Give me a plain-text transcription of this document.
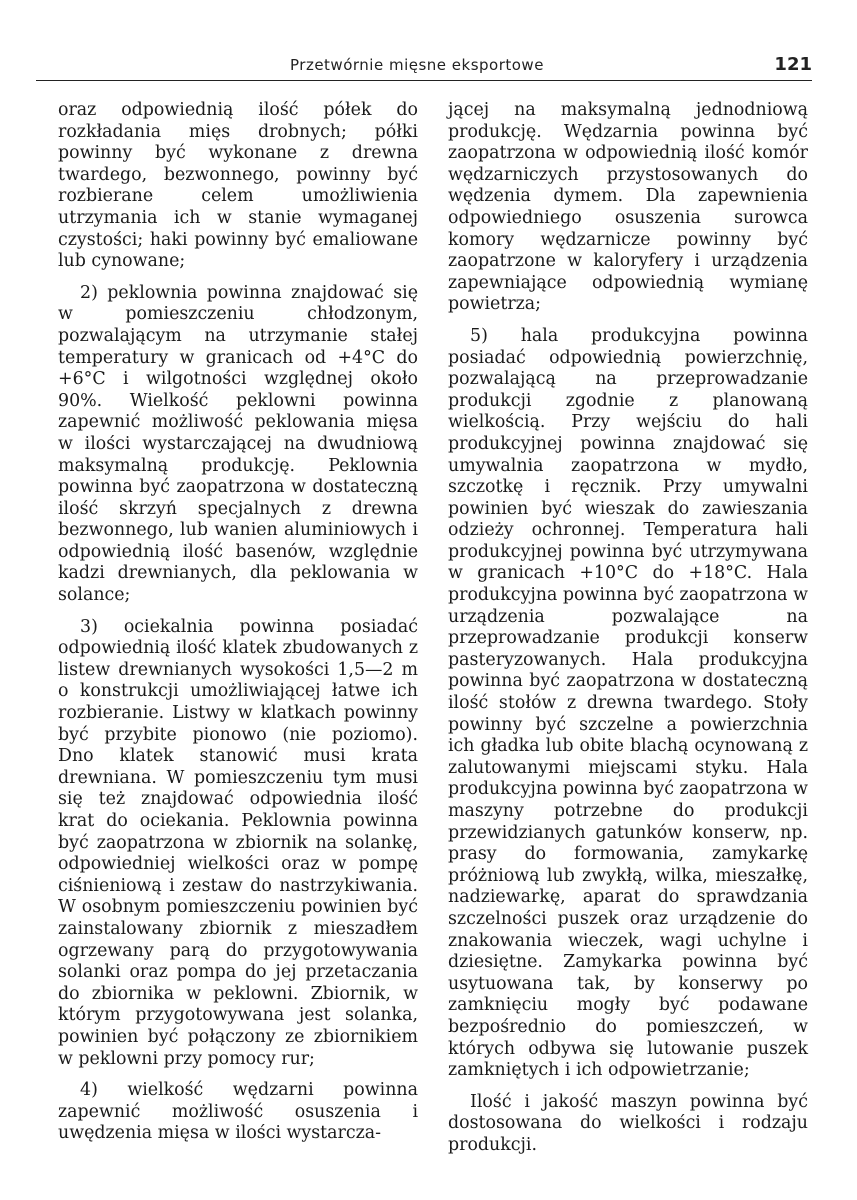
Przetwórnie mięsne eksportowe	121

oraz odpowiednią ilość półek do rozkładania mięs drobnych; półki powinny być wykonane z drewna twardego, bezwonnego, powinny być rozbierane celem umożliwienia utrzymania ich w stanie wymaganej czystości; haki powinny być emaliowane lub cynowane;

2) peklownia powinna znajdować się w pomieszczeniu chłodzonym, pozwalającym na utrzymanie stałej temperatury w granicach od +4°C do +6°C i wilgotności względnej około 90%. Wielkość peklowni powinna zapewnić możliwość peklowania mięsa w ilości wystarczającej na dwudniową maksymalną produkcję. Peklownia powinna być zaopatrzona w dostateczną ilość skrzyń specjalnych z drewna bezwonnego, lub wanien aluminiowych i odpowiednią ilość basenów, względnie kadzi drewnianych, dla peklowania w solance;

3) ociekalnia powinna posiadać odpowiednią ilość klatek zbudowanych z listew drewnianych wysokości 1,5—2 m o konstrukcji umożliwiającej łatwe ich rozbieranie. Listwy w klatkach powinny być przybite pionowo (nie poziomo). Dno klatek stanowić musi krata drewniana. W pomieszczeniu tym musi się też znajdować odpowiednia ilość krat do ociekania. Peklownia powinna być zaopatrzona w zbiornik na solankę, odpowiedniej wielkości oraz w pompę ciśnieniową i zestaw do nastrzykiwania. W osobnym pomieszczeniu powinien być zainstalowany zbiornik z mieszadłem ogrzewany parą do przygotowywania solanki oraz pompa do jej przetaczania do zbiornika w peklowni. Zbiornik, w którym przygotowywana jest solanka, powinien być połączony ze zbiornikiem w peklowni przy pomocy rur;

4) wielkość wędzarni powinna zapewnić możliwość osuszenia i uwędzenia mięsa w ilości wystarcza-

jącej na maksymalną jednodniową produkcję. Wędzarnia powinna być zaopatrzona w odpowiednią ilość komór wędzarniczych przystosowanych do wędzenia dymem. Dla zapewnienia odpowiedniego osuszenia surowca komory wędzarnicze powinny być zaopatrzone w kaloryfery i urządzenia zapewniające odpowiednią wymianę powietrza;

5) hala produkcyjna powinna posiadać odpowiednią powierzchnię, pozwalającą na przeprowadzanie produkcji zgodnie z planowaną wielkością. Przy wejściu do hali produkcyjnej powinna znajdować się umywalnia zaopatrzona w mydło, szczotkę i ręcznik. Przy umywalni powinien być wieszak do zawieszania odzieży ochronnej. Temperatura hali produkcyjnej powinna być utrzymywana w granicach +10°C do +18°C. Hala produkcyjna powinna być zaopatrzona w urządzenia pozwalające na przeprowadzanie produkcji konserw pasteryzowanych. Hala produkcyjna powinna być zaopatrzona w dostateczną ilość stołów z drewna twardego. Stoły powinny być szczelne a powierzchnia ich gładka lub obite blachą ocynowaną z zalutowanymi miejscami styku. Hala produkcyjna powinna być zaopatrzona w maszyny potrzebne do produkcji przewidzianych gatunków konserw, np. prasy do formowania, zamykarkę próżniową lub zwykłą, wilka, mieszałkę, nadziewarkę, aparat do sprawdzania szczelności puszek oraz urządzenie do znakowania wieczek, wagi uchylne i dziesiętne. Zamykarka powinna być usytuowana tak, by konserwy po zamknięciu mogły być podawane bezpośrednio do pomieszczeń, w których odbywa się lutowanie puszek zamkniętych i ich odpowietrzanie;

Ilość i jakość maszyn powinna być dostosowana do wielkości i rodzaju produkcji.
